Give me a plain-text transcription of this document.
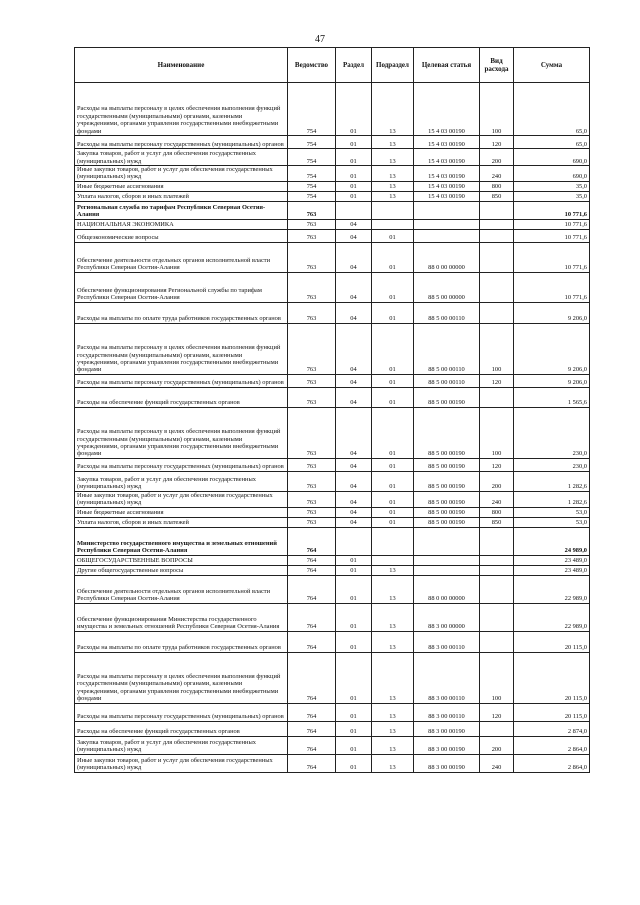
47
Наименование	Ведомство	Раздел	Подраздел	Целевая статья	Вид расхода	Сумма
Расходы на выплаты персоналу в целях обеспечения выполнения функций государственными (муниципальными) органами, казенными учреждениями, органами управления государственными внебюджетными фондами	754	01	13	15 4 03 00190	100	65,0
Расходы на выплаты персоналу государственных (муниципальных) органов	754	01	13	15 4 03 00190	120	65,0
Закупка товаров, работ и услуг для обеспечения государственных (муниципальных) нужд	754	01	13	15 4 03 00190	200	690,0
Иные закупки товаров, работ и услуг для обеспечения государственных (муниципальных) нужд	754	01	13	15 4 03 00190	240	690,0
Иные бюджетные ассигнования	754	01	13	15 4 03 00190	800	35,0
Уплата налогов, сборов и иных платежей	754	01	13	15 4 03 00190	850	35,0
Региональная служба по тарифам Республики Северная Осетия-Алания	763					10 771,6
НАЦИОНАЛЬНАЯ ЭКОНОМИКА	763	04				10 771,6
Общеэкономические вопросы	763	04	01			10 771,6
Обеспечение деятельности отдельных органов исполнительной власти Республики Северная Осетия-Алания	763	04	01	88 0 00 00000		10 771,6
Обеспечение функционирования Региональной службы по тарифам Республики Северная Осетия-Алания	763	04	01	88 5 00 00000		10 771,6
Расходы на выплаты по оплате труда работников государственных органов	763	04	01	88 5 00 00110		9 206,0
Расходы на выплаты персоналу в целях обеспечения выполнения функций государственными (муниципальными) органами, казенными учреждениями, органами управления государственными внебюджетными фондами	763	04	01	88 5 00 00110	100	9 206,0
Расходы на выплаты персоналу государственных (муниципальных) органов	763	04	01	88 5 00 00110	120	9 206,0
Расходы на обеспечение функций государственных органов	763	04	01	88 5 00 00190		1 565,6
Расходы на выплаты персоналу в целях обеспечения выполнения функций государственными (муниципальными) органами, казенными учреждениями, органами управления государственными внебюджетными фондами	763	04	01	88 5 00 00190	100	230,0
Расходы на выплаты персоналу государственных (муниципальных) органов	763	04	01	88 5 00 00190	120	230,0
Закупка товаров, работ и услуг для обеспечения государственных (муниципальных) нужд	763	04	01	88 5 00 00190	200	1 282,6
Иные закупки товаров, работ и услуг для обеспечения государственных (муниципальных) нужд	763	04	01	88 5 00 00190	240	1 282,6
Иные бюджетные ассигнования	763	04	01	88 5 00 00190	800	53,0
Уплата налогов, сборов и иных платежей	763	04	01	88 5 00 00190	850	53,0
Министерство государственного имущества и земельных отношений Республики Северная Осетия-Алания	764					24 989,0
ОБЩЕГОСУДАРСТВЕННЫЕ ВОПРОСЫ	764	01				23 489,0
Другие общегосударственные вопросы	764	01	13			23 489,0
Обеспечение деятельности отдельных органов исполнительной власти Республики Северная Осетия-Алания	764	01	13	88 0 00 00000		22 989,0
Обеспечение функционирования Министерства государственного имущества и земельных отношений Республики Северная Осетия-Алания	764	01	13	88 3 00 00000		22 989,0
Расходы на выплаты по оплате труда работников государственных органов	764	01	13	88 3 00 00110		20 115,0
Расходы на выплаты персоналу в целях обеспечения выполнения функций государственными (муниципальными) органами, казенными учреждениями, органами управления государственными внебюджетными фондами	764	01	13	88 3 00 00110	100	20 115,0
Расходы на выплаты персоналу государственных (муниципальных) органов	764	01	13	88 3 00 00110	120	20 115,0
Расходы на обеспечение функций государственных органов	764	01	13	88 3 00 00190		2 874,0
Закупка товаров, работ и услуг для обеспечения государственных (муниципальных) нужд	764	01	13	88 3 00 00190	200	2 864,0
Иные закупки товаров, работ и услуг для обеспечения государственных (муниципальных) нужд	764	01	13	88 3 00 00190	240	2 864,0
